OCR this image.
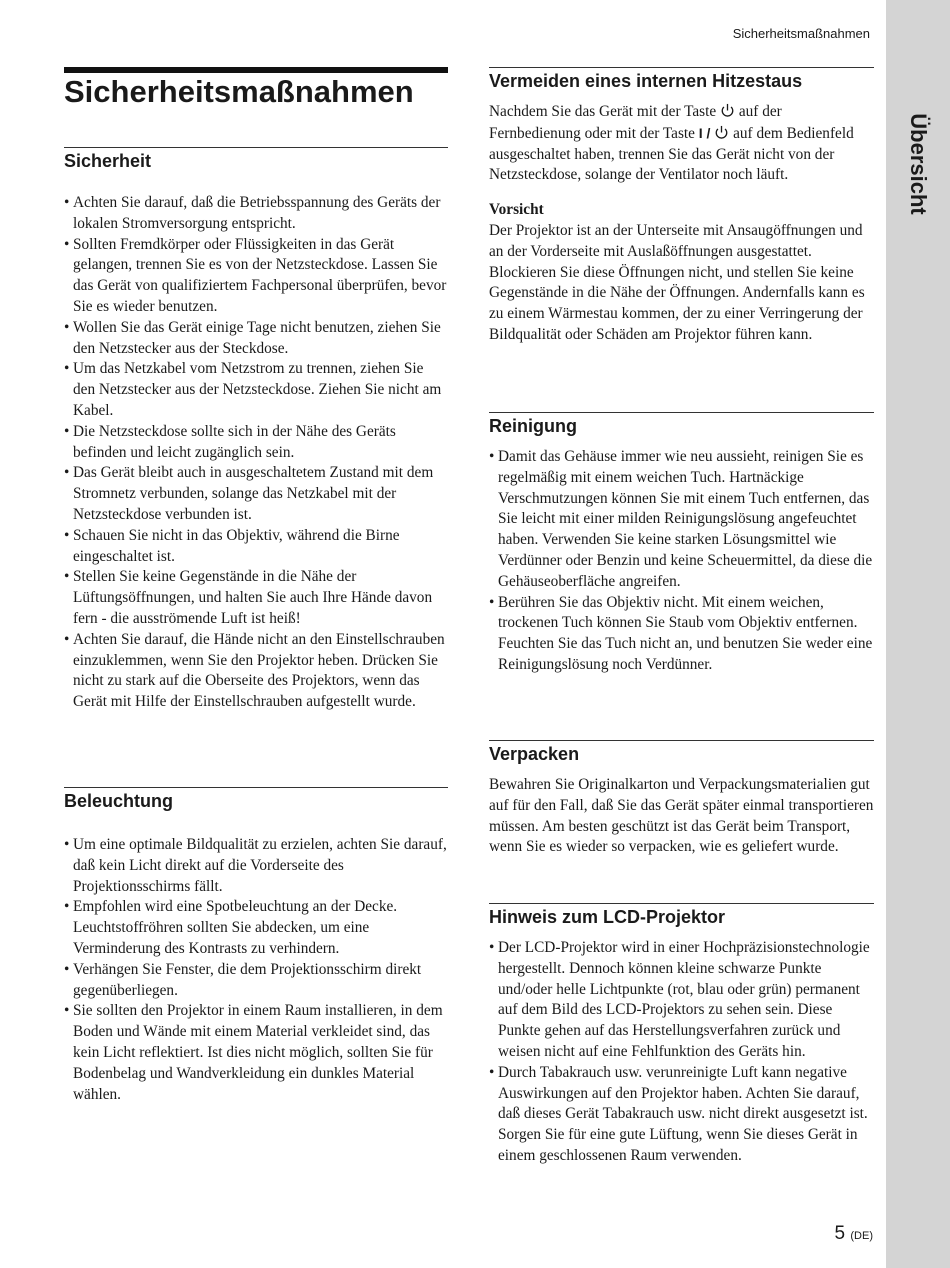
Sicherheitsmaßnahmen
Übersicht
Sicherheitsmaßnahmen
Sicherheit
• Achten Sie darauf, daß die Betriebsspannung des Geräts der lokalen Stromversorgung entspricht.
• Sollten Fremdkörper oder Flüssigkeiten in das Gerät gelangen, trennen Sie es von der Netzsteckdose. Lassen Sie das Gerät von qualifiziertem Fachpersonal überprüfen, bevor Sie es wieder benutzen.
• Wollen Sie das Gerät einige Tage nicht benutzen, ziehen Sie den Netzstecker aus der Steckdose.
• Um das Netzkabel vom Netzstrom zu trennen, ziehen Sie den Netzstecker aus der Netzsteckdose. Ziehen Sie nicht am Kabel.
• Die Netzsteckdose sollte sich in der Nähe des Geräts befinden und leicht zugänglich sein.
• Das Gerät bleibt auch in ausgeschaltetem Zustand mit dem Stromnetz verbunden, solange das Netzkabel mit der Netzsteckdose verbunden ist.
• Schauen Sie nicht in das Objektiv, während die Birne eingeschaltet ist.
• Stellen Sie keine Gegenstände in die Nähe der Lüftungsöffnungen, und halten Sie auch Ihre Hände davon fern - die ausströmende Luft ist heiß!
• Achten Sie darauf, die Hände nicht an den Einstellschrauben einzuklemmen, wenn Sie den Projektor heben. Drücken Sie nicht zu stark auf die Oberseite des Projektors, wenn das Gerät mit Hilfe der Einstellschrauben aufgestellt wurde.
Beleuchtung
• Um eine optimale Bildqualität zu erzielen, achten Sie darauf, daß kein Licht direkt auf die Vorderseite des Projektionsschirms fällt.
• Empfohlen wird eine Spotbeleuchtung an der Decke. Leuchtstoffröhren sollten Sie abdecken, um eine Verminderung des Kontrasts zu verhindern.
• Verhängen Sie Fenster, die dem Projektionsschirm direkt gegenüberliegen.
• Sie sollten den Projektor in einem Raum installieren, in dem Boden und Wände mit einem Material verkleidet sind, das kein Licht reflektiert. Ist dies nicht möglich, sollten Sie für Bodenbelag und Wandverkleidung ein dunkles Material wählen.
Vermeiden eines internen Hitzestaus

Nachdem Sie das Gerät mit der Taste auf der Fernbedienung oder mit der Taste I / auf dem Bedienfeld ausgeschaltet haben, trennen Sie das Gerät nicht von der Netzsteckdose, solange der Ventilator noch läuft.

Vorsicht

Der Projektor ist an der Unterseite mit Ansaugöffnungen und an der Vorderseite mit Auslaßöffnungen ausgestattet. Blockieren Sie diese Öffnungen nicht, und stellen Sie keine Gegenstände in die Nähe der Öffnungen. Andernfalls kann es zu einem Wärmestau kommen, der zu einer Verringerung der Bildqualität oder Schäden am Projektor führen kann.

Reinigung
• Damit das Gehäuse immer wie neu aussieht, reinigen Sie es regelmäßig mit einem weichen Tuch. Hartnäckige Verschmutzungen können Sie mit einem Tuch entfernen, das Sie leicht mit einer milden Reinigungslösung angefeuchtet haben. Verwenden Sie keine starken Lösungsmittel wie Verdünner oder Benzin und keine Scheuermittel, da diese die Gehäuseoberfläche angreifen.
• Berühren Sie das Objektiv nicht. Mit einem weichen, trockenen Tuch können Sie Staub vom Objektiv entfernen. Feuchten Sie das Tuch nicht an, und benutzen Sie weder eine Reinigungslösung noch Verdünner.
Verpacken

Bewahren Sie Originalkarton und Verpackungsmaterialien gut auf für den Fall, daß Sie das Gerät später einmal transportieren müssen. Am besten geschützt ist das Gerät beim Transport, wenn Sie es wieder so verpacken, wie es geliefert wurde.

Hinweis zum LCD-Projektor
• Der LCD-Projektor wird in einer Hochpräzisionstechnologie hergestellt. Dennoch können kleine schwarze Punkte und/oder helle Lichtpunkte (rot, blau oder grün) permanent auf dem Bild des LCD-Projektors zu sehen sein. Diese Punkte gehen auf das Herstellungsverfahren zurück und weisen nicht auf eine Fehlfunktion des Geräts hin.
• Durch Tabakrauch usw. verunreinigte Luft kann negative Auswirkungen auf den Projektor haben. Achten Sie darauf, daß dieses Gerät Tabakrauch usw. nicht direkt ausgesetzt ist.
Sorgen Sie für eine gute Lüftung, wenn Sie dieses Gerät in einem geschlossenen Raum verwenden.
5 (DE)
